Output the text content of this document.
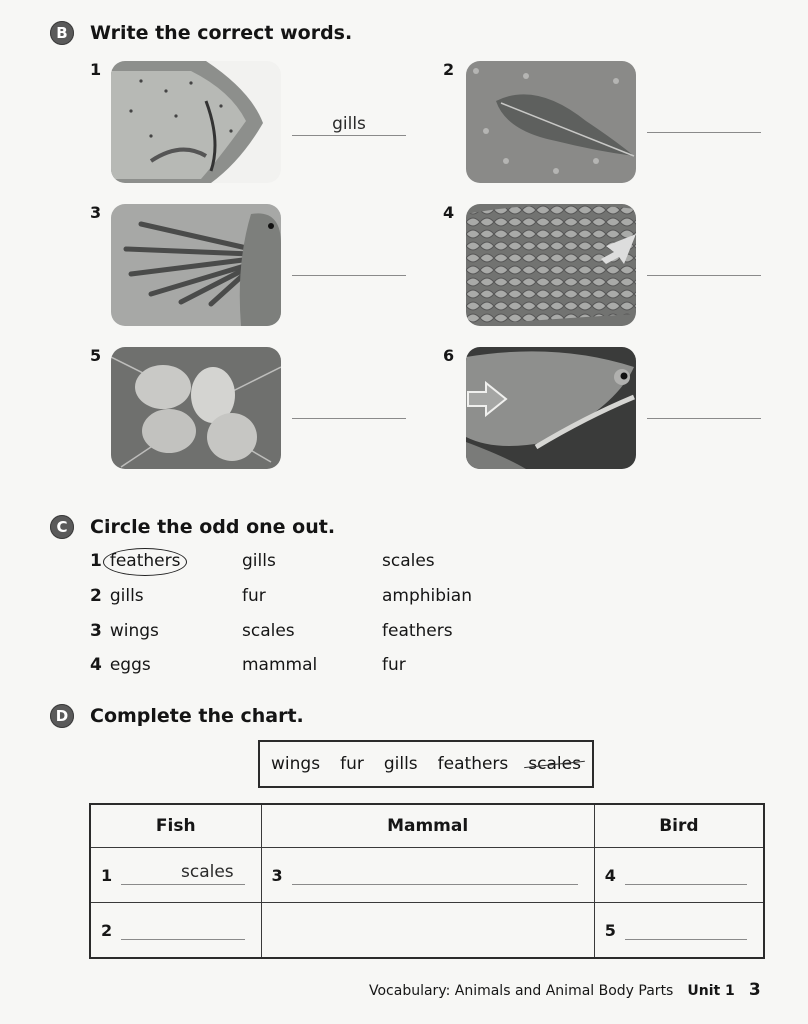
B	Write the correct words.
1
gills
2
3	4
5	6
C	Circle the odd one out.
1 feathers	gills	scales
2 gills	fur	amphibian
3 wings	scales	feathers
4 eggs	mammal	fur
D	Complete the chart.
wings fur gills feathers scales
Fish	Mammal	Bird

1 scales	3	4

2		5
Vocabulary: Animals and Animal Body Parts Unit 1 3
